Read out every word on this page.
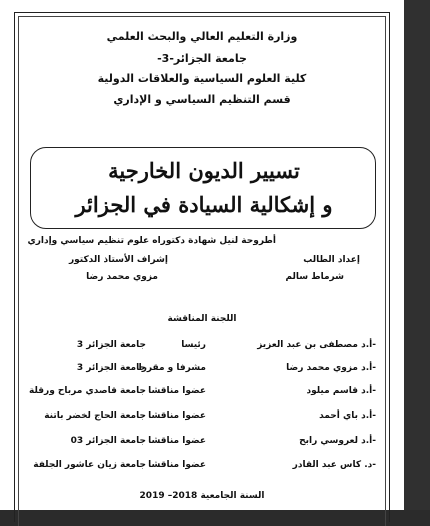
وزارة التعليم العالي والبحث العلمي
جامعة الجزائر-3-
كلية العلوم السياسية والعلاقات الدولية
قسم التنظيم السياسي و الإداري
تسيير الديون الخارجية
و إشكالية السيادة في الجزائر
أطروحة لنيل شهادة دكتوراه علوم تنظيم سياسي وإداري
إعداد الطالب
إشراف الأستاذ الدكتور
شرماط سالم
مزوي محمد رضا
اللجنة المناقشة
-أ.د مصطفى بن عبد العزيز
رئيسا
جامعة الجزائر 3
-أ.د مزوي محمد رضا
مشرفا و مقررا
جامعة الجزائر 3
-أ.د قاسم ميلود
عضوا مناقشا
جامعة قاصدي مرباح ورقلة
-أ.د باي أحمد
عضوا مناقشا
جامعة الحاج لخضر باتنة
-أ.د لعروسي رابح
عضوا مناقشا
جامعة الجزائر 03
-د. كاس عبد القادر
عضوا مناقشا
جامعة زيان عاشور الجلفة
السنة الجامعية 2018– 2019
